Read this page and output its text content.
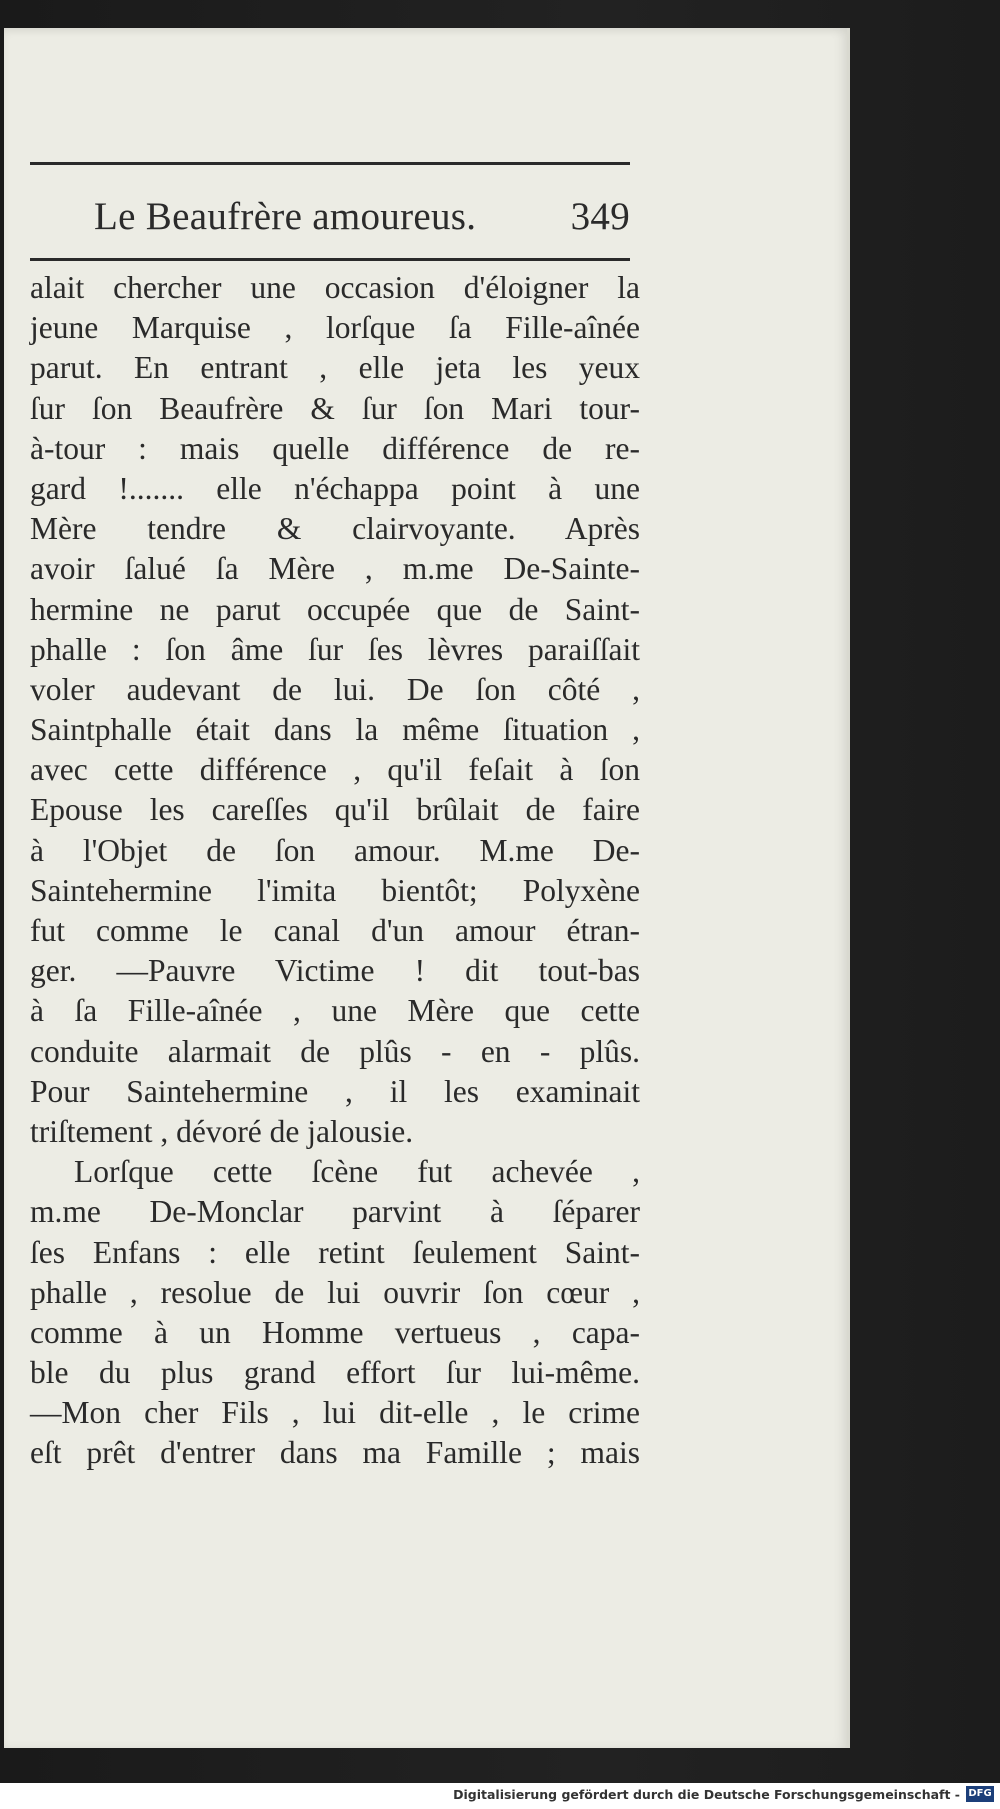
Le Beaufrère amoureus. 349
alait chercher une occasion d'éloigner la
jeune Marquise , lorſque ſa Fille-aînée
parut. En entrant , elle jeta les yeux
ſur ſon Beaufrère & ſur ſon Mari tour-
à-tour : mais quelle différence de re-
gard !....... elle n'échappa point à une
Mère tendre & clairvoyante. Après
avoir ſalué ſa Mère , m.me De-Sainte-
hermine ne parut occupée que de Saint-
phalle : ſon âme ſur ſes lèvres paraiſſait
voler audevant de lui. De ſon côté ,
Saintphalle était dans la même ſituation ,
avec cette différence , qu'il feſait à ſon
Epouse les careſſes qu'il brûlait de faire
à l'Objet de ſon amour. M.me De-
Saintehermine l'imita bientôt; Polyxène
fut comme le canal d'un amour étran-
ger. —Pauvre Victime ! dit tout-bas
à ſa Fille-aînée , une Mère que cette
conduite alarmait de plûs - en - plûs.
Pour Saintehermine , il les examinait
triſtement , dévoré de jalousie.
Lorſque cette ſcène fut achevée ,
m.me De-Monclar parvint à ſéparer
ſes Enfans : elle retint ſeulement Saint-
phalle , resolue de lui ouvrir ſon cœur ,
comme à un Homme vertueus , capa-
ble du plus grand effort ſur lui-même.
—Mon cher Fils , lui dit-elle , le crime
eſt prêt d'entrer dans ma Famille ; mais
Digitalisierung gefördert durch die Deutsche Forschungsgemeinschaft - DFG
